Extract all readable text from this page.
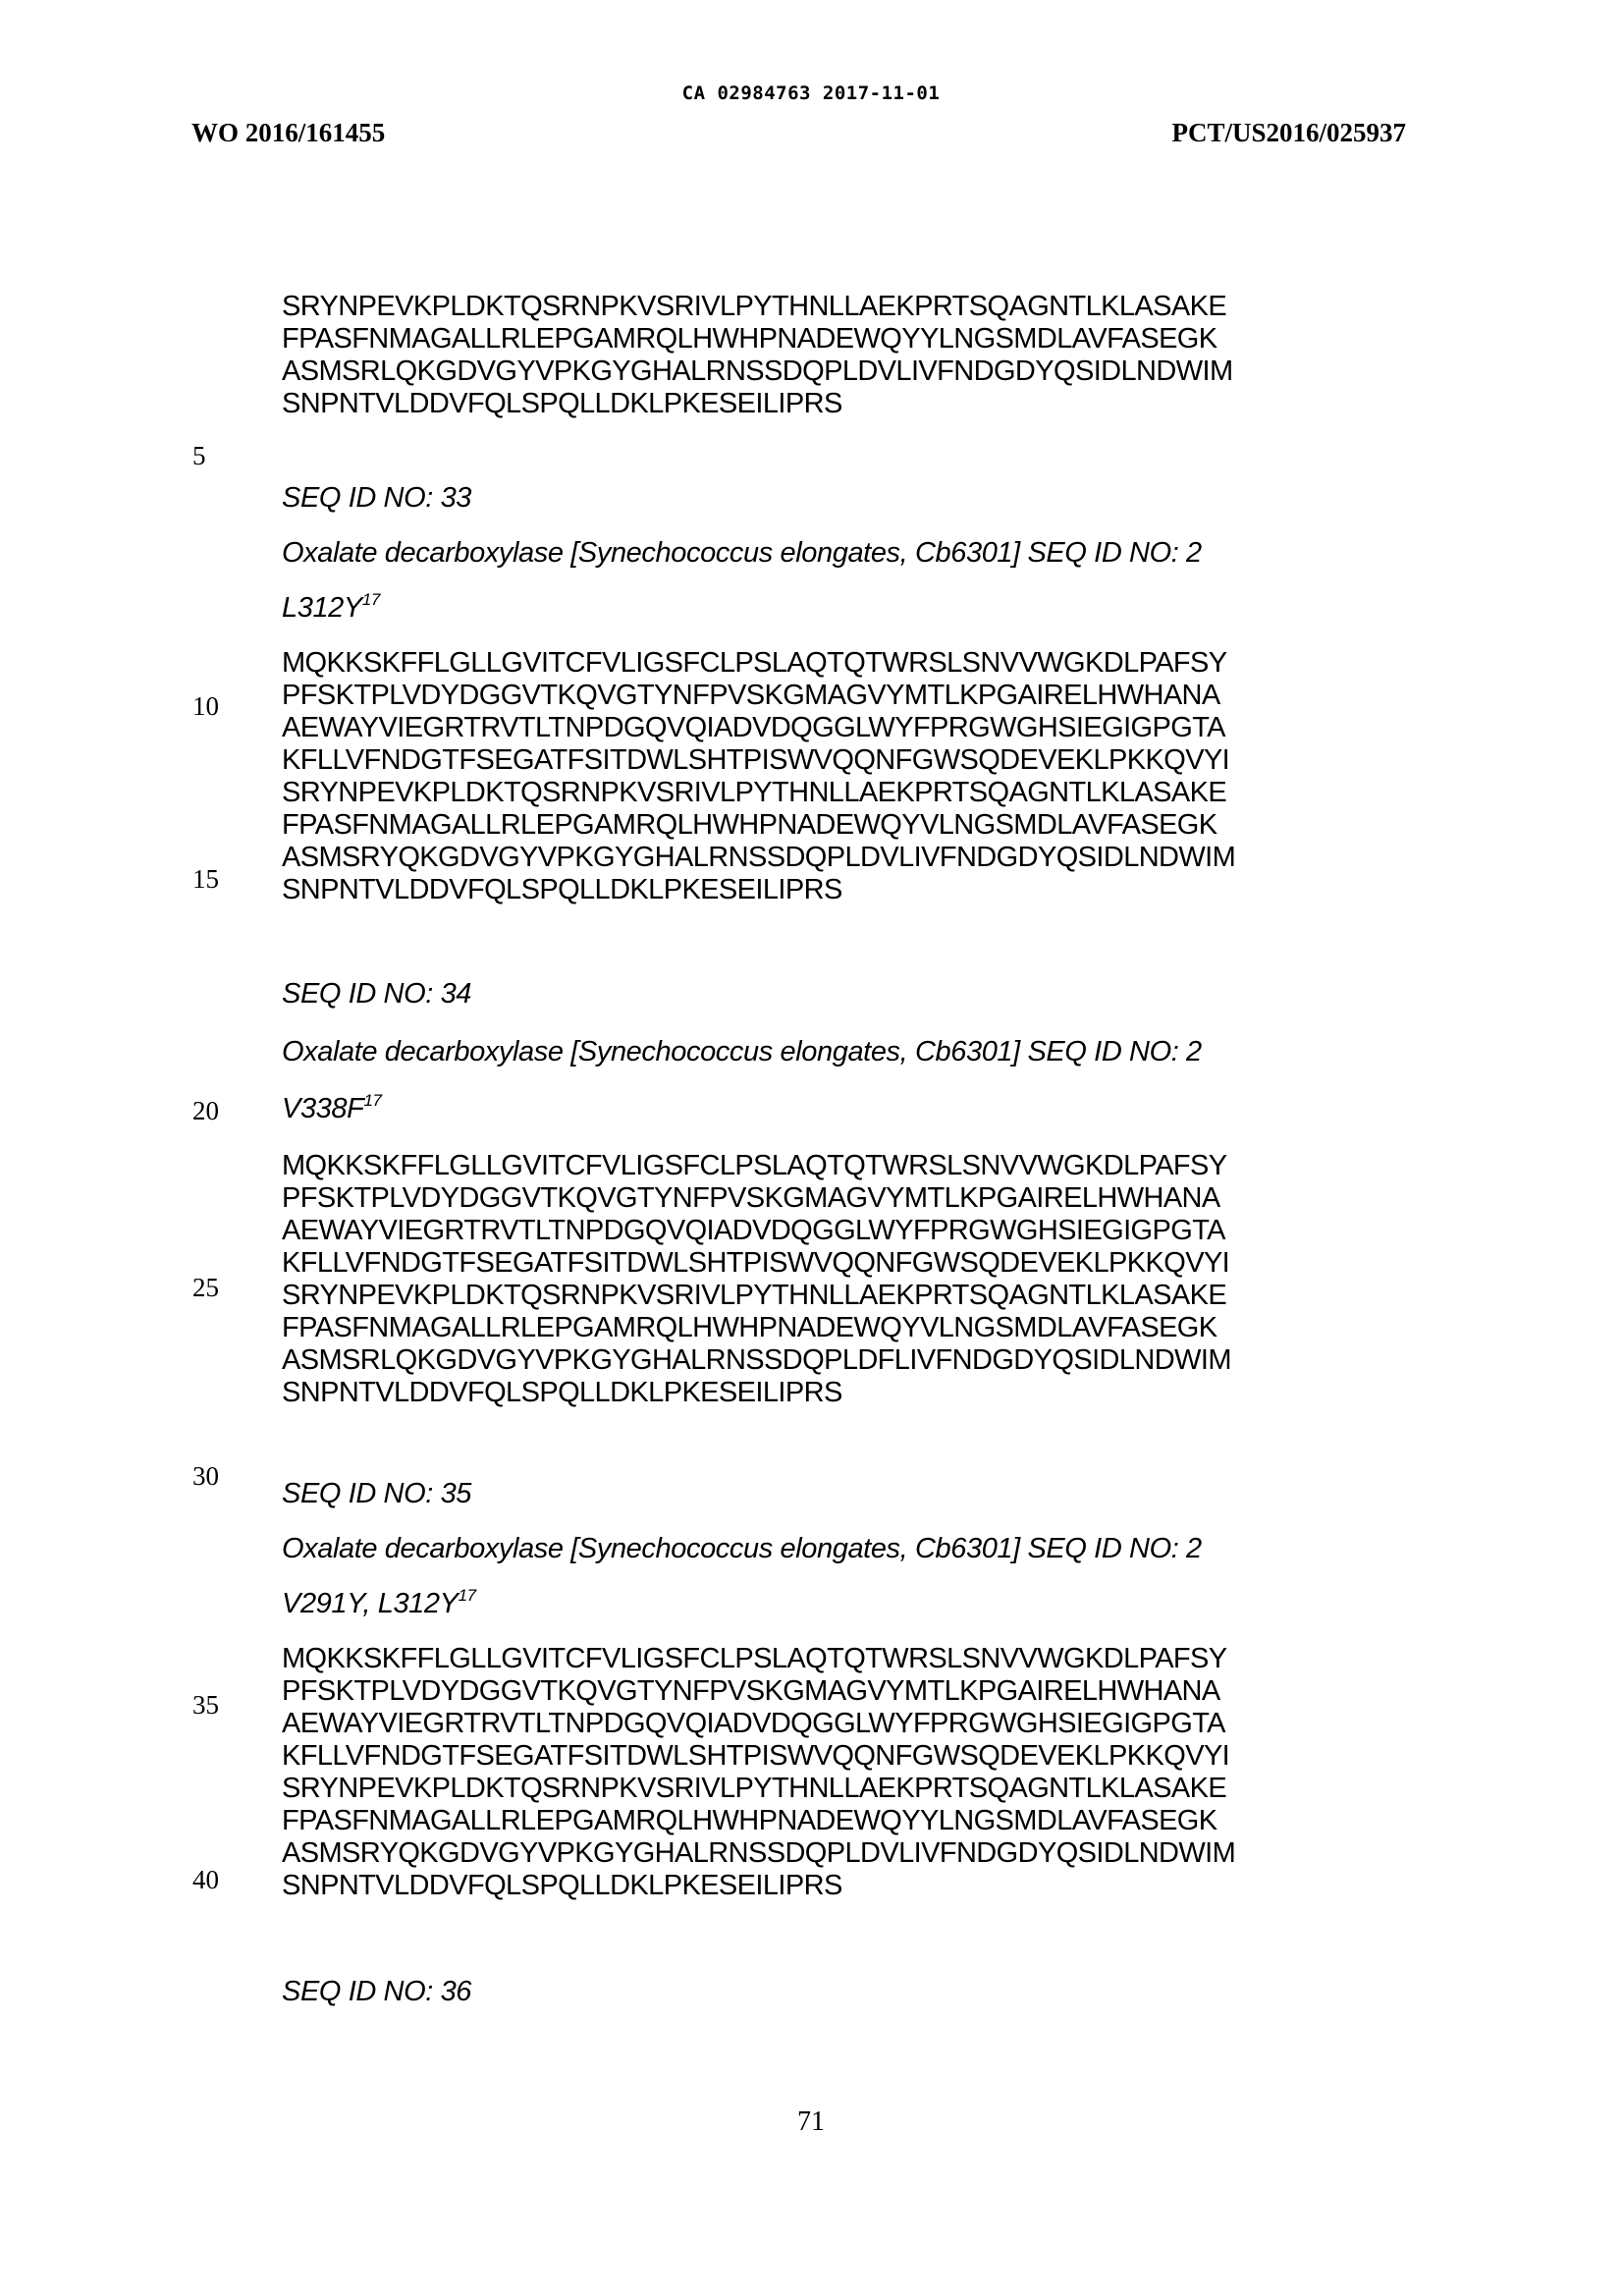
CA 02984763 2017-11-01
WO 2016/161455	PCT/US2016/025937
5
10
15
20
25
30
35
40
SRYNPEVKPLDKTQSRNPKVSRIVLPYTHNLLAEKPRTSQAGNTLKLASAKE
FPASFNMAGALLRLEPGAMRQLHWHPNADEWQYYLNGSMDLAVFASEGK
ASMSRLQKGDVGYVPKGYGHALRNSSDQPLDVLIVFNDGDYQSIDLNDWIM
SNPNTVLDDVFQLSPQLLDKLPKESEILIPRS
SEQ ID NO: 33
Oxalate decarboxylase [Synechococcus elongates, Cb6301] SEQ ID NO: 2
$L312Y^{17}$
MQKKSKFFLGLLGVITCFVLIGSFCLPSLAQTQTWRSLSNVVWGKDLPAFSY
PFSKTPLVDYDGGVTKQVGTYNFPVSKGMAGVYMTLKPGAIRELHWHANA
AEWAYVIEGRTRVTLTNPDGQVQIADVDQGGLWYFPRGWGHSIEGIGPGTA
KFLLVFNDGTFSEGATFSITDWLSHTPISWVQQNFGWSQDEVEKLPKKQVYI
SRYNPEVKPLDKTQSRNPKVSRIVLPYTHNLLAEKPRTSQAGNTLKLASAKE
FPASFNMAGALLRLEPGAMRQLHWHPNADEWQYVLNGSMDLAVFASEGK
ASMSRYQKGDVGYVPKGYGHALRNSSDQPLDVLIVFNDGDYQSIDLNDWIM
SNPNTVLDDVFQLSPQLLDKLPKESEILIPRS
SEQ ID NO: 34
Oxalate decarboxylase [Synechococcus elongates, Cb6301] SEQ ID NO: 2
$V338F^{17}$
MQKKSKFFLGLLGVITCFVLIGSFCLPSLAQTQTWRSLSNVVWGKDLPAFSY
PFSKTPLVDYDGGVTKQVGTYNFPVSKGMAGVYMTLKPGAIRELHWHANA
AEWAYVIEGRTRVTLTNPDGQVQIADVDQGGLWYFPRGWGHSIEGIGPGTA
KFLLVFNDGTFSEGATFSITDWLSHTPISWVQQNFGWSQDEVEKLPKKQVYI
SRYNPEVKPLDKTQSRNPKVSRIVLPYTHNLLAEKPRTSQAGNTLKLASAKE
FPASFNMAGALLRLEPGAMRQLHWHPNADEWQYVLNGSMDLAVFASEGK
ASMSRLQKGDVGYVPKGYGHALRNSSDQPLDFLIVFNDGDYQSIDLNDWIM
SNPNTVLDDVFQLSPQLLDKLPKESEILIPRS
SEQ ID NO: 35
Oxalate decarboxylase [Synechococcus elongates, Cb6301] SEQ ID NO: 2
V291Y, $L312Y^{17}$
MQKKSKFFLGLLGVITCFVLIGSFCLPSLAQTQTWRSLSNVVWGKDLPAFSY
PFSKTPLVDYDGGVTKQVGTYNFPVSKGMAGVYMTLKPGAIRELHWHANA
AEWAYVIEGRTRVTLTNPDGQVQIADVDQGGLWYFPRGWGHSIEGIGPGTA
KFLLVFNDGTFSEGATFSITDWLSHTPISWVQQNFGWSQDEVEKLPKKQVYI
SRYNPEVKPLDKTQSRNPKVSRIVLPYTHNLLAEKPRTSQAGNTLKLASAKE
FPASFNMAGALLRLEPGAMRQLHWHPNADEWQYYLNGSMDLAVFASEGK
ASMSRYQKGDVGYVPKGYGHALRNSSDQPLDVLIVFNDGDYQSIDLNDWIM
SNPNTVLDDVFQLSPQLLDKLPKESEILIPRS
SEQ ID NO: 36
71
